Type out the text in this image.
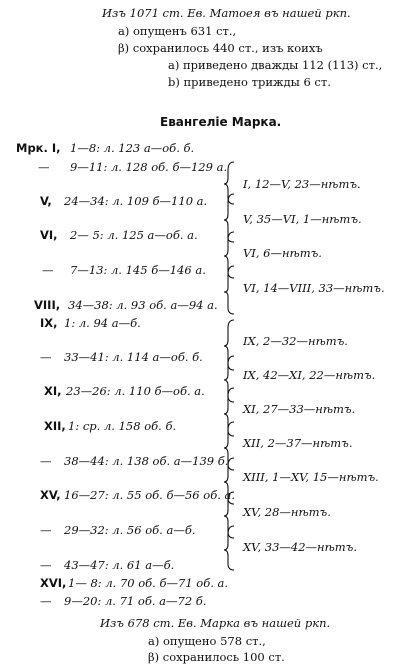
Изъ 1071 ст. Ев. Матоея въ нашей ркп.
а) опущенъ 631 ст.,
β) сохранилось 440 ст., изъ коихъ
а) приведено дважды 112 (113) ст.,
b) приведено трижды 6 ст.
Евангеліе Марка.
Мрк. I, 1—8: л. 123 а—об. б.
— 9—11: л. 128 об. б—129 а.
V, 24—34: л. 109 б—110 а.
VI, 2— 5: л. 125 а—об. а.
— 7—13: л. 145 б—146 а.
VIII, 34—38: л. 93 об. а—94 а.
IX, 1: л. 94 а—б.
— 33—41: л. 114 а—об. б.
XI, 23—26: л. 110 б—об. а.
XII, 1: ср. л. 158 об. б.
— 38—44: л. 138 об. а—139 б.
XV, 16—27: л. 55 об. б—56 об. а.
— 29—32: л. 56 об. а—б.
— 43—47: л. 61 а—б.
XVI, 1— 8: л. 70 об. б—71 об. а.
— 9—20: л. 71 об. а—72 б.
I, 12—V, 23—нѣтъ.
V, 35—VI, 1—нѣтъ.
VI, 6—нѣтъ.
VI, 14—VIII, 33—нѣтъ.
IX, 2—32—нѣтъ.
IX, 42—XI, 22—нѣтъ.
XI, 27—33—нѣтъ.
XII, 2—37—нѣтъ.
XIII, 1—XV, 15—нѣтъ.
XV, 28—нѣтъ.
XV, 33—42—нѣтъ.
Изъ 678 ст. Ев. Марка въ нашей ркп.
а) опущено 578 ст.,
β) сохранилось 100 ст.
